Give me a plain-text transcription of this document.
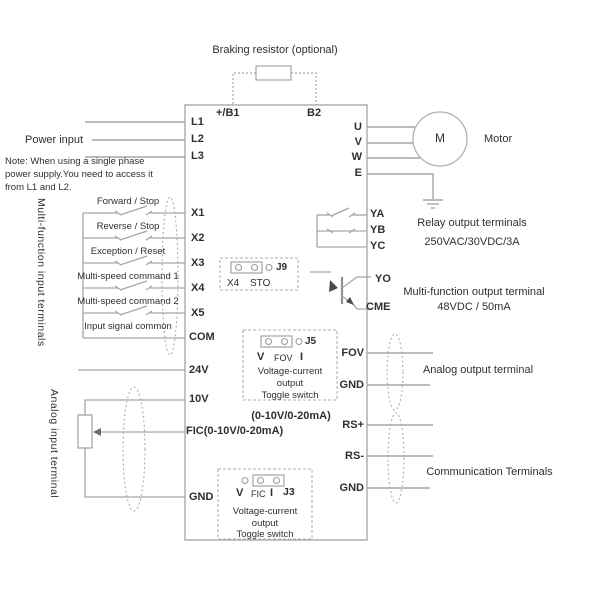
Braking resistor (optional)
+/B1	B2
Power input
L1
L2
L3
Note: When using a single phase
power supply.You need to access it
from L1 and L2.
U
V
W
E
M	Motor
YA
YB
YC
Relay output terminals
250VAC/30VDC/3A
YO
CME
Multi-function output terminal
48VDC / 50mA
Forward / Stop
Reverse / Stop
Exception / Reset
Multi-speed command 1
Multi-speed command 2
Input signal common
X1
X2
X3
X4
X5
COM
24V
Multi-function input terminals
Analog input terminal	10V
FIC(0-10V/0-20mA)
GND
J9
X4 STO
J5
V FOV I
Voltage-current
output
Toggle switch
(0-10V/0-20mA)
J3
V FIC I
Voltage-current
output
Toggle switch
FOV
GND
Analog output terminal
RS+
RS-
GND
Communication Terminals
